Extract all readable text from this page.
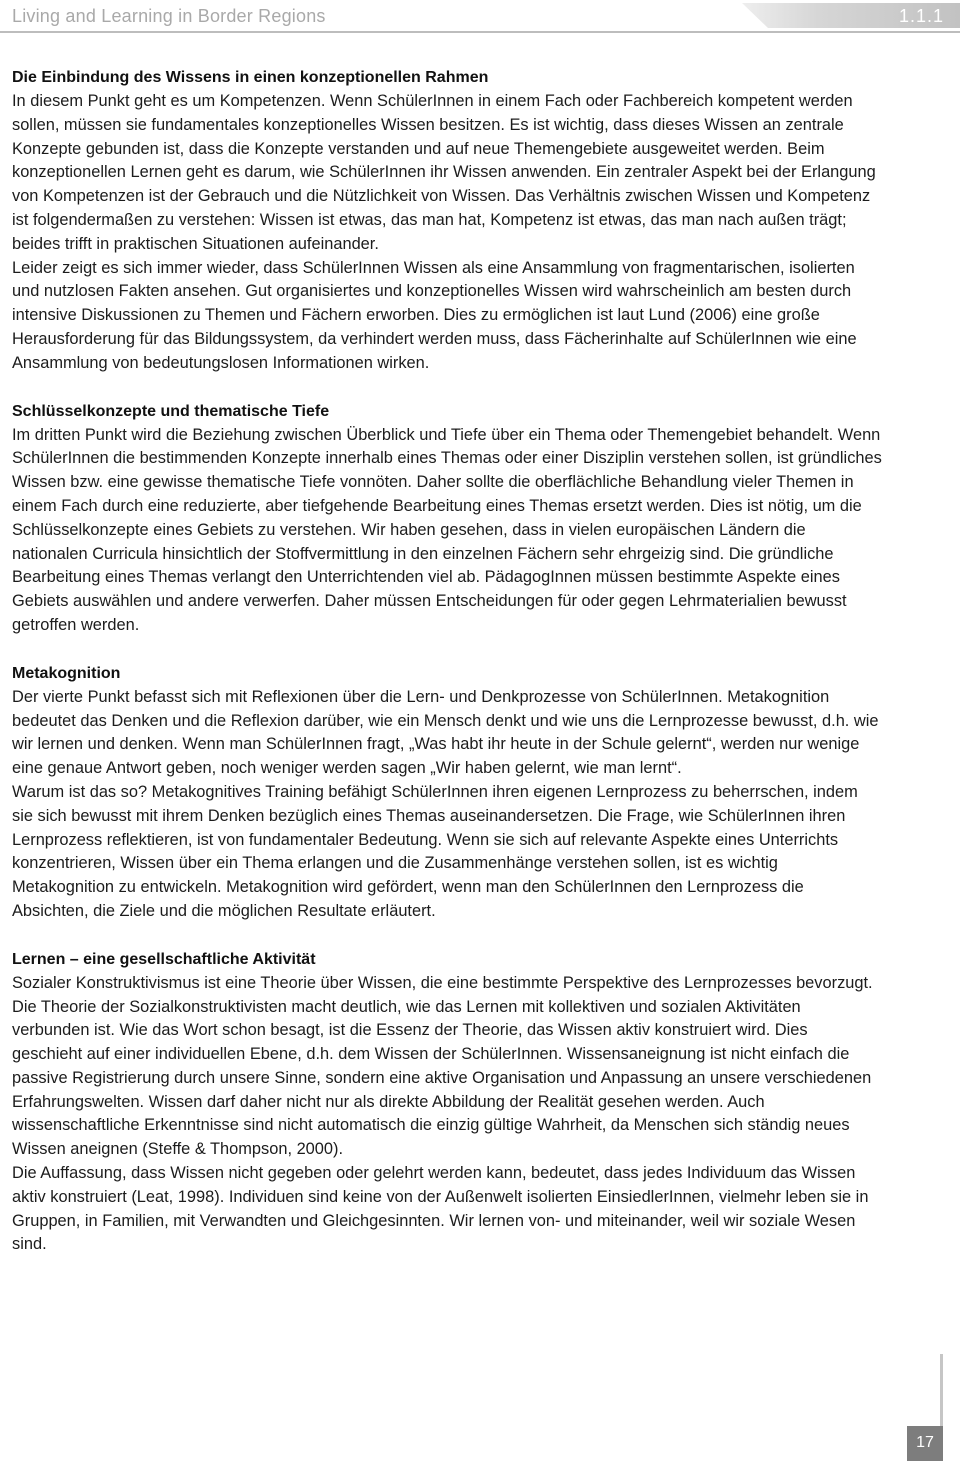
Living and Learning in Border Regions	1.1.1
Die Einbindung des Wissens in einen konzeptionellen Rahmen

In diesem Punkt geht es um Kompetenzen. Wenn SchülerInnen in einem Fach oder Fachbereich kompetent werden sollen, müssen sie fundamentales konzeptionelles Wissen besitzen. Es ist wichtig, dass dieses Wissen an zentrale Konzepte gebunden ist, dass die Konzepte verstanden und auf neue Themengebiete ausgeweitet werden. Beim konzeptionellen Lernen geht es darum, wie SchülerInnen ihr Wissen anwenden. Ein zentraler Aspekt bei der Erlangung von Kompetenzen ist der Gebrauch und die Nützlichkeit von Wissen. Das Verhältnis zwischen Wissen und Kompetenz ist folgendermaßen zu verstehen: Wissen ist etwas, das man hat, Kompetenz ist etwas, das man nach außen trägt; beides trifft in praktischen Situationen aufeinander.

Leider zeigt es sich immer wieder, dass SchülerInnen Wissen als eine Ansammlung von fragmentarischen, isolierten und nutzlosen Fakten ansehen. Gut organisiertes und konzeptionelles Wissen wird wahrscheinlich am besten durch intensive Diskussionen zu Themen und Fächern erworben. Dies zu ermöglichen ist laut Lund (2006) eine große Herausforderung für das Bildungssystem, da verhindert werden muss, dass Fächerinhalte auf SchülerInnen wie eine Ansammlung von bedeutungslosen Informationen wirken.

Schlüsselkonzepte und thematische Tiefe

Im dritten Punkt wird die Beziehung zwischen Überblick und Tiefe über ein Thema oder Themengebiet behandelt. Wenn SchülerInnen die bestimmenden Konzepte innerhalb eines Themas oder einer Disziplin verstehen sollen, ist gründliches Wissen bzw. eine gewisse thematische Tiefe vonnöten. Daher sollte die oberflächliche Behandlung vieler Themen in einem Fach durch eine reduzierte, aber tiefgehende Bearbeitung eines Themas ersetzt werden. Dies ist nötig, um die Schlüsselkonzepte eines Gebiets zu verstehen. Wir haben gesehen, dass in vielen europäischen Ländern die nationalen Curricula hinsichtlich der Stoffvermittlung in den einzelnen Fächern sehr ehrgeizig sind. Die gründliche Bearbeitung eines Themas verlangt den Unterrichtenden viel ab. PädagogInnen müssen bestimmte Aspekte eines Gebiets auswählen und andere verwerfen. Daher müssen Entscheidungen für oder gegen Lehrmaterialien bewusst getroffen werden.

Metakognition

Der vierte Punkt befasst sich mit Reflexionen über die Lern- und Denkprozesse von SchülerInnen. Metakognition bedeutet das Denken und die Reflexion darüber, wie ein Mensch denkt und wie uns die Lernprozesse bewusst, d.h. wie wir lernen und denken. Wenn man SchülerInnen fragt, „Was habt ihr heute in der Schule gelernt“, werden nur wenige eine genaue Antwort geben, noch weniger werden sagen „Wir haben gelernt, wie man lernt“.

Warum ist das so? Metakognitives Training befähigt SchülerInnen ihren eigenen Lernprozess zu beherrschen, indem sie sich bewusst mit ihrem Denken bezüglich eines Themas auseinandersetzen. Die Frage, wie SchülerInnen ihren Lernprozess reflektieren, ist von fundamentaler Bedeutung. Wenn sie sich auf relevante Aspekte eines Unterrichts konzentrieren, Wissen über ein Thema erlangen und die Zusammenhänge verstehen sollen, ist es wichtig Metakognition zu entwickeln. Metakognition wird gefördert, wenn man den SchülerInnen den Lernprozess die Absichten, die Ziele und die möglichen Resultate erläutert.

Lernen – eine gesellschaftliche Aktivität

Sozialer Konstruktivismus ist eine Theorie über Wissen, die eine bestimmte Perspektive des Lernprozesses bevorzugt. Die Theorie der Sozialkonstruktivisten macht deutlich, wie das Lernen mit kollektiven und sozialen Aktivitäten verbunden ist. Wie das Wort schon besagt, ist die Essenz der Theorie, das Wissen aktiv konstruiert wird. Dies geschieht auf einer individuellen Ebene, d.h. dem Wissen der SchülerInnen. Wissensaneignung ist nicht einfach die passive Registrierung durch unsere Sinne, sondern eine aktive Organisation und Anpassung an unsere verschiedenen Erfahrungswelten. Wissen darf daher nicht nur als direkte Abbildung der Realität gesehen werden. Auch wissenschaftliche Erkenntnisse sind nicht automatisch die einzig gültige Wahrheit, da Menschen sich ständig neues Wissen aneignen (Steffe & Thompson, 2000).

Die Auffassung, dass Wissen nicht gegeben oder gelehrt werden kann, bedeutet, dass jedes Individuum das Wissen aktiv konstruiert (Leat, 1998). Individuen sind keine von der Außenwelt isolierten EinsiedlerInnen, vielmehr leben sie in Gruppen, in Familien, mit Verwandten und Gleichgesinnten. Wir lernen von- und miteinander, weil wir soziale Wesen sind.

17
